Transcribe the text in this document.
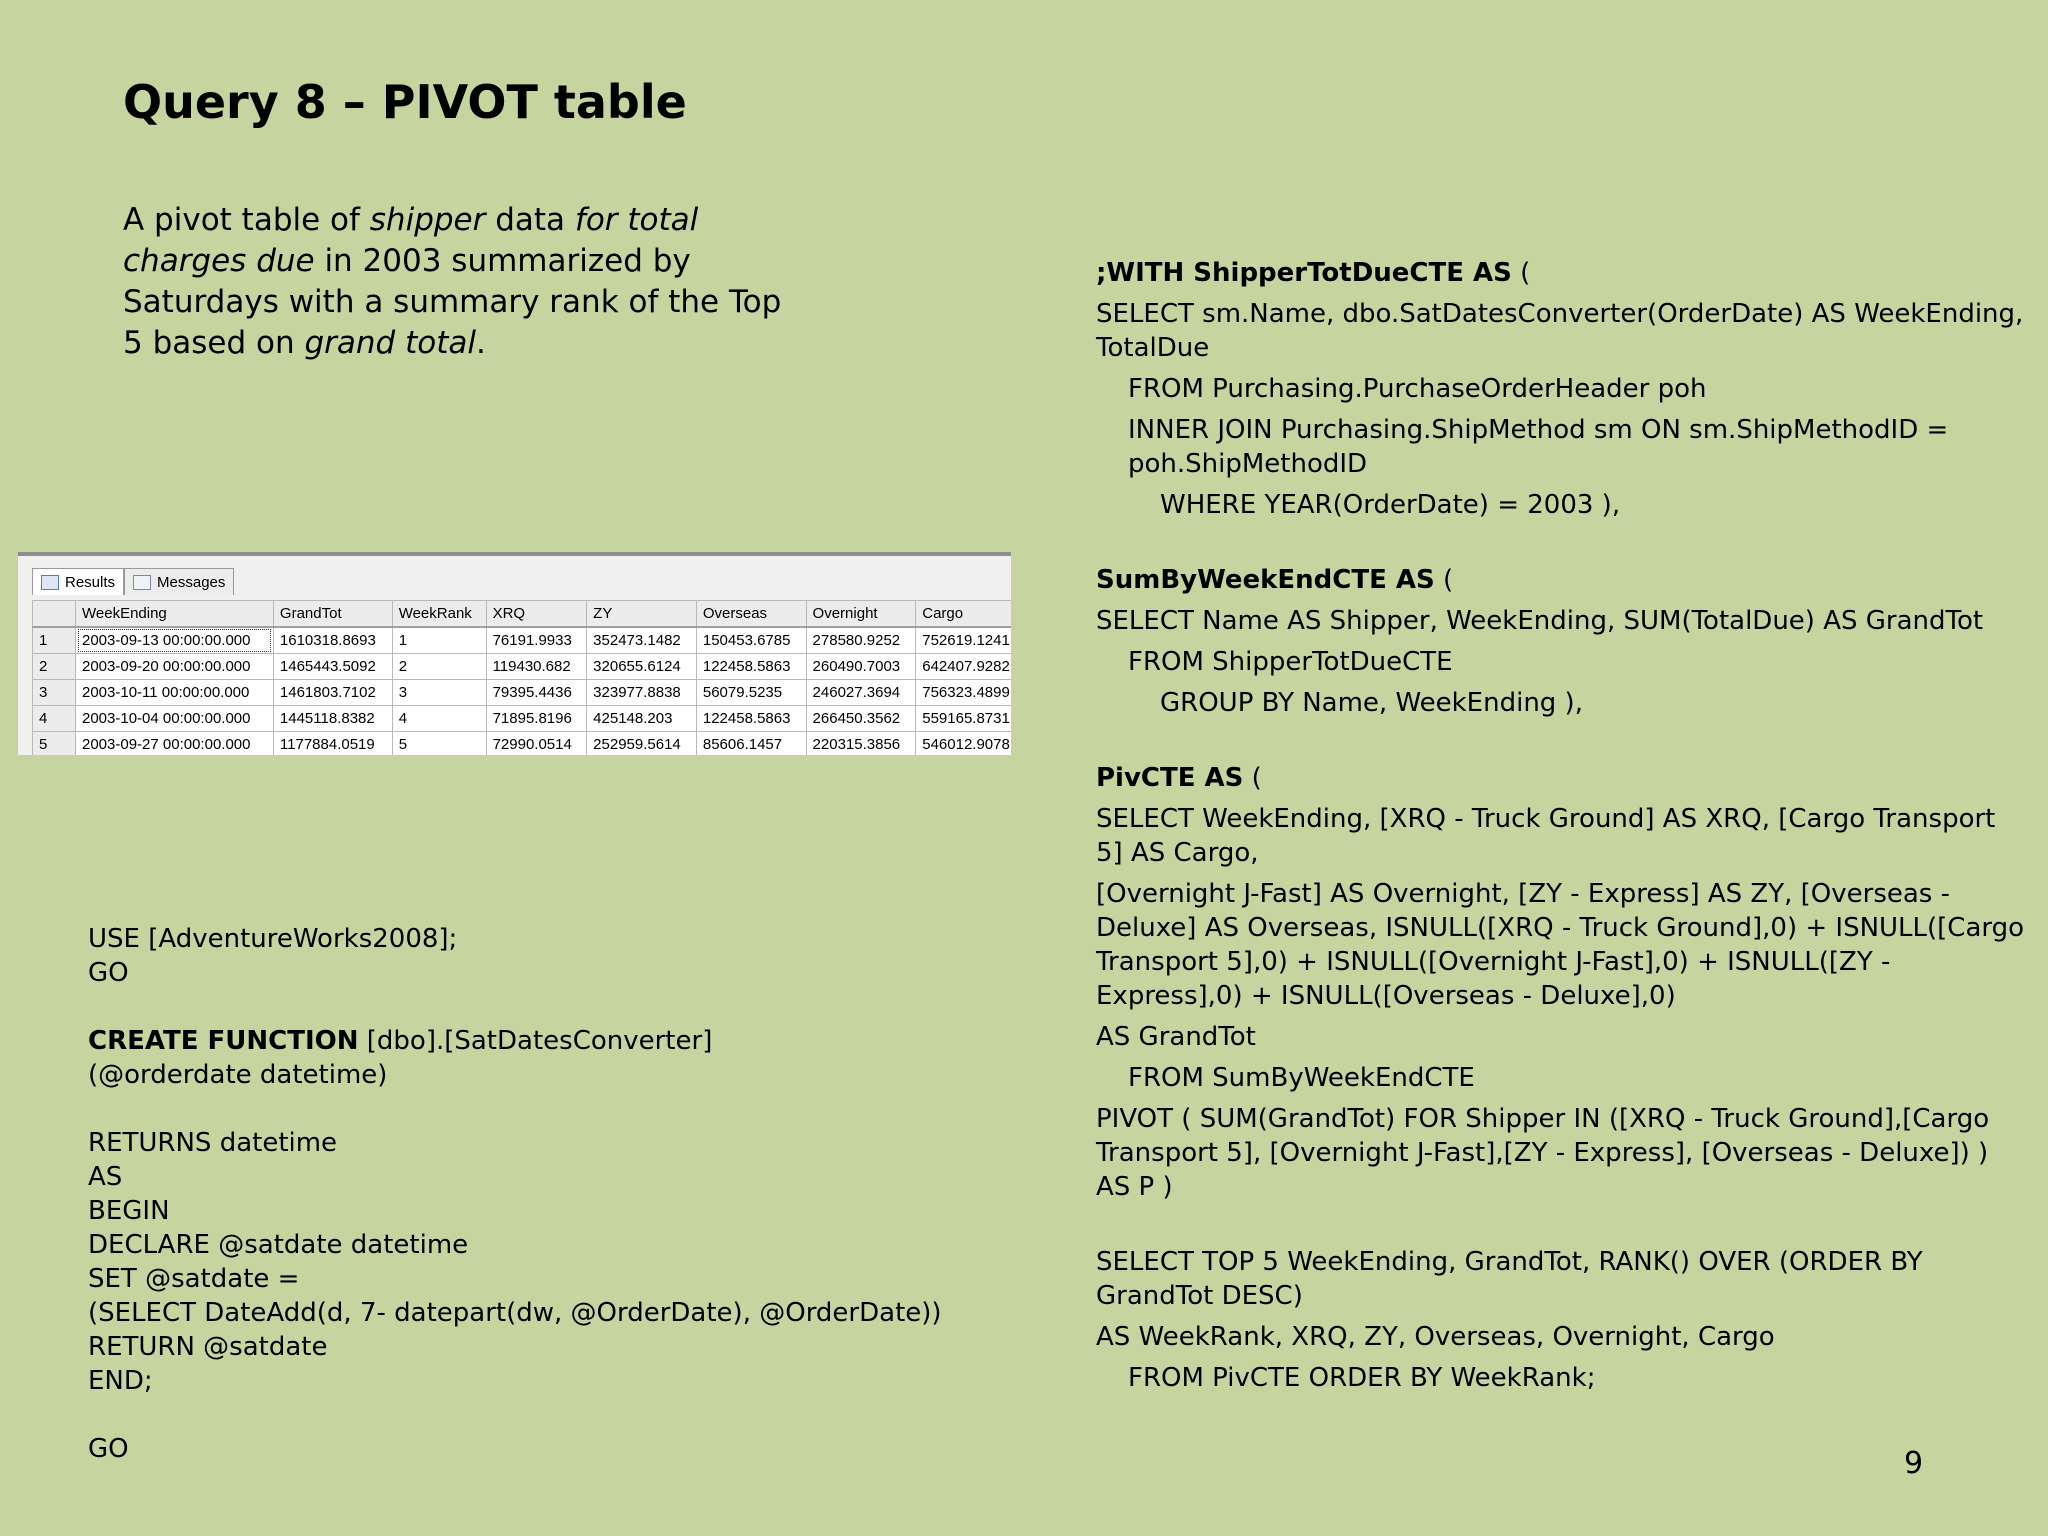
Query 8 – PIVOT table
A pivot table of shipper data for total charges due in 2003 summarized by Saturdays with a summary rank of the Top 5 based on grand total.
Results	Messages
	WeekEnding	GrandTot	WeekRank	XRQ	ZY	Overseas	Overnight	Cargo
1	2003-09-13 00:00:00.000	1610318.8693	1	76191.9933	352473.1482	150453.6785	278580.9252	752619.1241
2	2003-09-20 00:00:00.000	1465443.5092	2	119430.682	320655.6124	122458.5863	260490.7003	642407.9282
3	2003-10-11 00:00:00.000	1461803.7102	3	79395.4436	323977.8838	56079.5235	246027.3694	756323.4899
4	2003-10-04 00:00:00.000	1445118.8382	4	71895.8196	425148.203	122458.5863	266450.3562	559165.8731
5	2003-09-27 00:00:00.000	1177884.0519	5	72990.0514	252959.5614	85606.1457	220315.3856	546012.9078
USE [AdventureWorks2008];
GO

CREATE FUNCTION [dbo].[SatDatesConverter]
(@orderdate datetime)

RETURNS datetime
AS
BEGIN
DECLARE @satdate datetime
SET @satdate =
(SELECT DateAdd(d, 7- datepart(dw, @OrderDate), @OrderDate))
RETURN @satdate
END;

GO

;WITH ShipperTotDueCTE AS (

SELECT sm.Name, dbo.SatDatesConverter(OrderDate) AS WeekEnding, TotalDue

FROM Purchasing.PurchaseOrderHeader poh

INNER JOIN Purchasing.ShipMethod sm ON sm.ShipMethodID = poh.ShipMethodID

WHERE YEAR(OrderDate) = 2003 ),

SumByWeekEndCTE AS (

SELECT Name AS Shipper, WeekEnding, SUM(TotalDue) AS GrandTot

FROM ShipperTotDueCTE

GROUP BY Name, WeekEnding ),

PivCTE AS (

SELECT WeekEnding, [XRQ - Truck Ground] AS XRQ, [Cargo Transport 5] AS Cargo,

[Overnight J-Fast] AS Overnight, [ZY - Express] AS ZY, [Overseas - Deluxe] AS Overseas, ISNULL([XRQ - Truck Ground],0) + ISNULL([Cargo Transport 5],0) + ISNULL([Overnight J-Fast],0) + ISNULL([ZY - Express],0) + ISNULL([Overseas - Deluxe],0)

AS GrandTot

FROM SumByWeekEndCTE

PIVOT ( SUM(GrandTot) FOR Shipper IN ([XRQ - Truck Ground],[Cargo Transport 5], [Overnight J-Fast],[ZY - Express], [Overseas - Deluxe]) ) AS P )

SELECT TOP 5 WeekEnding, GrandTot, RANK() OVER (ORDER BY GrandTot DESC)

AS WeekRank, XRQ, ZY, Overseas, Overnight, Cargo

FROM PivCTE ORDER BY WeekRank;

9
